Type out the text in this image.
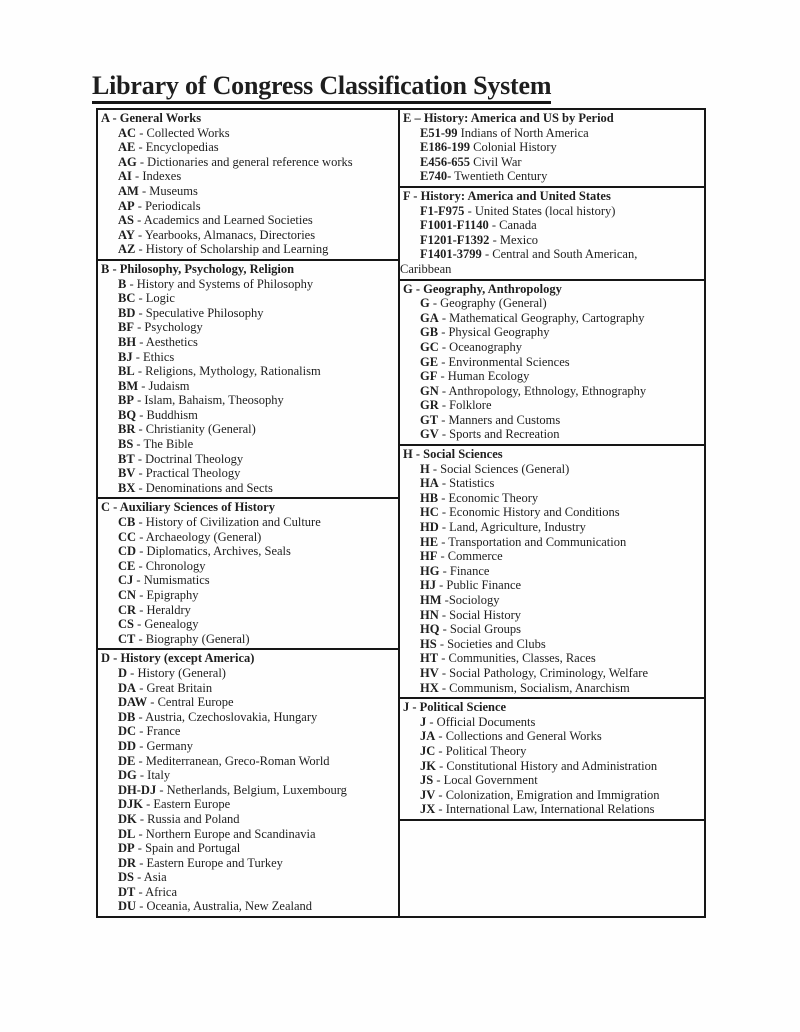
Library of Congress Classification System
A - General Works
AC - Collected Works
AE - Encyclopedias
AG - Dictionaries and general reference works
AI - Indexes
AM - Museums
AP - Periodicals
AS - Academics and Learned Societies
AY - Yearbooks, Almanacs, Directories
AZ - History of Scholarship and Learning
B - Philosophy, Psychology, Religion
B - History and Systems of Philosophy
BC - Logic
BD - Speculative Philosophy
BF - Psychology
BH - Aesthetics
BJ - Ethics
BL - Religions, Mythology, Rationalism
BM - Judaism
BP - Islam, Bahaism, Theosophy
BQ - Buddhism
BR - Christianity (General)
BS - The Bible
BT - Doctrinal Theology
BV - Practical Theology
BX - Denominations and Sects
C - Auxiliary Sciences of History
CB - History of Civilization and Culture
CC - Archaeology (General)
CD - Diplomatics, Archives, Seals
CE - Chronology
CJ - Numismatics
CN - Epigraphy
CR - Heraldry
CS - Genealogy
CT - Biography (General)
D - History (except America)
D - History (General)
DA - Great Britain
DAW - Central Europe
DB - Austria, Czechoslovakia, Hungary
DC - France
DD - Germany
DE - Mediterranean, Greco-Roman World
DG - Italy
DH-DJ - Netherlands, Belgium, Luxembourg
DJK - Eastern Europe
DK - Russia and Poland
DL - Northern Europe and Scandinavia
DP - Spain and Portugal
DR - Eastern Europe and Turkey
DS - Asia
DT - Africa
DU - Oceania, Australia, New Zealand
E – History: America and US by Period
E51-99 Indians of North America
E186-199 Colonial History
E456-655 Civil War
E740- Twentieth Century
F - History: America and United States
F1-F975 - United States (local history)
F1001-F1140 - Canada
F1201-F1392 - Mexico
F1401-3799 - Central and South American,
Caribbean
G - Geography, Anthropology
G - Geography (General)
GA - Mathematical Geography, Cartography
GB - Physical Geography
GC - Oceanography
GE - Environmental Sciences
GF - Human Ecology
GN - Anthropology, Ethnology, Ethnography
GR - Folklore
GT - Manners and Customs
GV - Sports and Recreation
H - Social Sciences
H - Social Sciences (General)
HA - Statistics
HB - Economic Theory
HC - Economic History and Conditions
HD - Land, Agriculture, Industry
HE - Transportation and Communication
HF - Commerce
HG - Finance
HJ - Public Finance
HM -Sociology
HN - Social History
HQ - Social Groups
HS - Societies and Clubs
HT - Communities, Classes, Races
HV - Social Pathology, Criminology, Welfare
HX - Communism, Socialism, Anarchism
J - Political Science
J - Official Documents
JA - Collections and General Works
JC - Political Theory
JK - Constitutional History and Administration
JS - Local Government
JV - Colonization, Emigration and Immigration
JX - International Law, International Relations
